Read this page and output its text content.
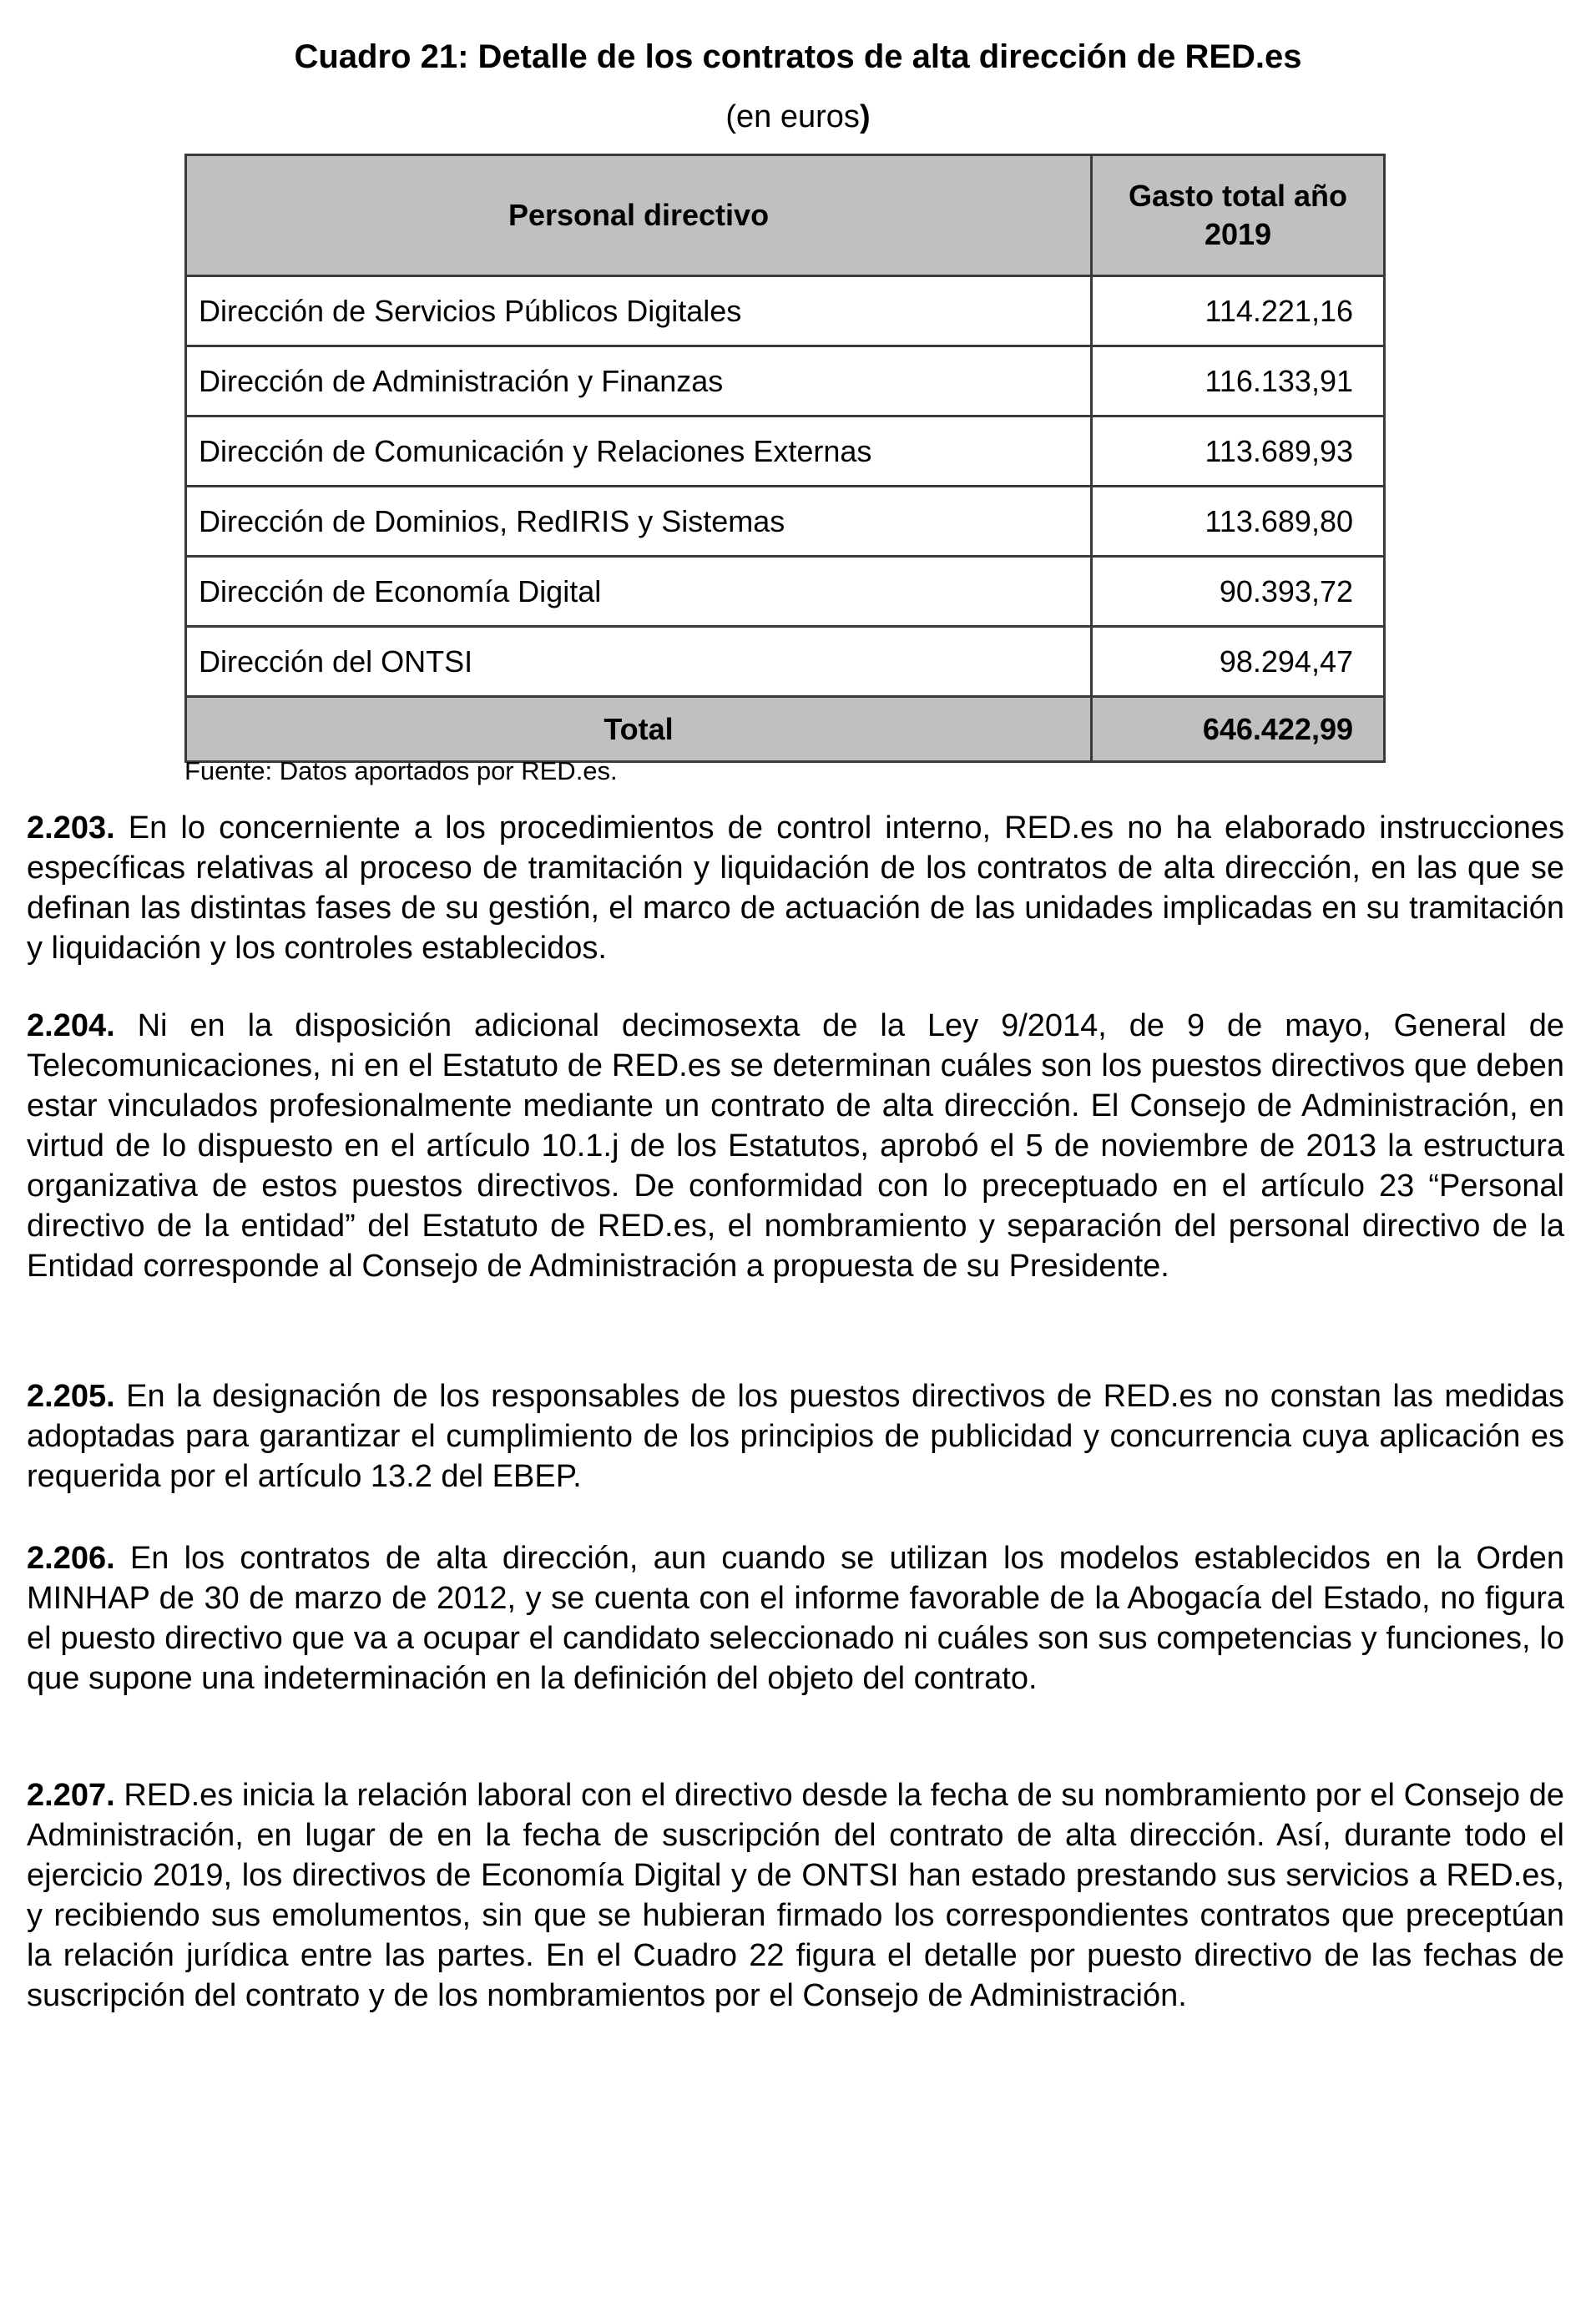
Cuadro 21: Detalle de los contratos de alta dirección de RED.es
(en euros)
Personal directivo	Gasto total año
2019
Dirección de Servicios Públicos Digitales	114.221,16
Dirección de Administración y Finanzas	116.133,91
Dirección de Comunicación y Relaciones Externas	113.689,93
Dirección de Dominios, RedIRIS y Sistemas	113.689,80
Dirección de Economía Digital	90.393,72
Dirección del ONTSI	98.294,47
Total	646.422,99
Fuente: Datos aportados por RED.es.

2.203. En lo concerniente a los procedimientos de control interno, RED.es no ha elaborado instrucciones específicas relativas al proceso de tramitación y liquidación de los contratos de alta dirección, en las que se definan las distintas fases de su gestión, el marco de actuación de las unidades implicadas en su tramitación y liquidación y los controles establecidos.

2.204. Ni en la disposición adicional decimosexta de la Ley 9/2014, de 9 de mayo, General de Telecomunicaciones, ni en el Estatuto de RED.es se determinan cuáles son los puestos directivos que deben estar vinculados profesionalmente mediante un contrato de alta dirección. El Consejo de Administración, en virtud de lo dispuesto en el artículo 10.1.j de los Estatutos, aprobó el 5 de noviembre de 2013 la estructura organizativa de estos puestos directivos. De conformidad con lo preceptuado en el artículo 23 “Personal directivo de la entidad” del Estatuto de RED.es, el nombramiento y separación del personal directivo de la Entidad corresponde al Consejo de Administración a propuesta de su Presidente.

2.205. En la designación de los responsables de los puestos directivos de RED.es no constan las medidas adoptadas para garantizar el cumplimiento de los principios de publicidad y concurrencia cuya aplicación es requerida por el artículo 13.2 del EBEP.

2.206. En los contratos de alta dirección, aun cuando se utilizan los modelos establecidos en la Orden MINHAP de 30 de marzo de 2012, y se cuenta con el informe favorable de la Abogacía del Estado, no figura el puesto directivo que va a ocupar el candidato seleccionado ni cuáles son sus competencias y funciones, lo que supone una indeterminación en la definición del objeto del contrato.

2.207. RED.es inicia la relación laboral con el directivo desde la fecha de su nombramiento por el Consejo de Administración, en lugar de en la fecha de suscripción del contrato de alta dirección. Así, durante todo el ejercicio 2019, los directivos de Economía Digital y de ONTSI han estado prestando sus servicios a RED.es, y recibiendo sus emolumentos, sin que se hubieran firmado los correspondientes contratos que preceptúan la relación jurídica entre las partes. En el Cuadro 22 figura el detalle por puesto directivo de las fechas de suscripción del contrato y de los nombramientos por el Consejo de Administración.
